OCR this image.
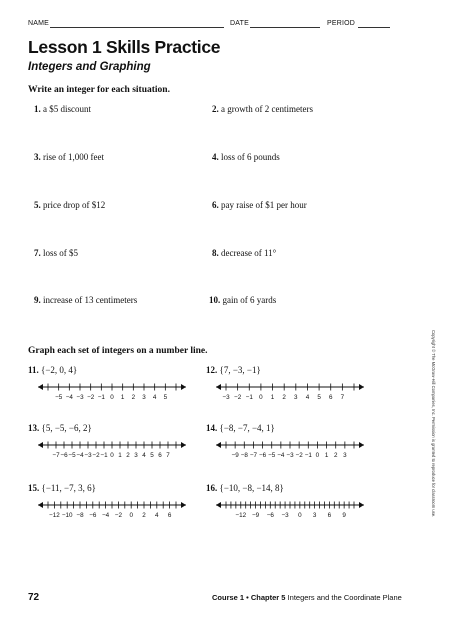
NAME	DATE	PERIOD
Lesson 1 Skills Practice
Integers and Graphing
Write an integer for each situation.
1. a $5 discount	2. a growth of 2 centimeters
3. rise of 1,000 feet	4. loss of 6 pounds
5. price drop of $12	6. pay raise of $1 per hour
7. loss of $5	8. decrease of 11°
9. increase of 13 centimeters	10. gain of 6 yards
Graph each set of integers on a number line.
11. {−2, 0, 4}
−5 −4 −3 −2 −1 0 1 2 3 4 5
12. {7, −3, −1}
−3 −2 −1 0 1 2 3 4 5 6 7
13. {5, −5, −6, 2}
−7 −6 −5 −4 −3 −2 −1 0 1 2 3 4 5 6 7
14. {−8, −7, −4, 1}
−9 −8 −7 −6 −5 −4 −3 −2 −1 0 1 2 3
15. {−11, −7, 3, 6}
−12 −10 −8 −6 −4 −2 0 2 4 6
16. {−10, −8, −14, 8}
−12 −9 −6 −3 0 3 6 9	Copyright © The McGraw-Hill Companies, Inc. Permission is granted to reproduce for classroom use.
72	Course 1 • Chapter 5 Integers and the Coordinate Plane
